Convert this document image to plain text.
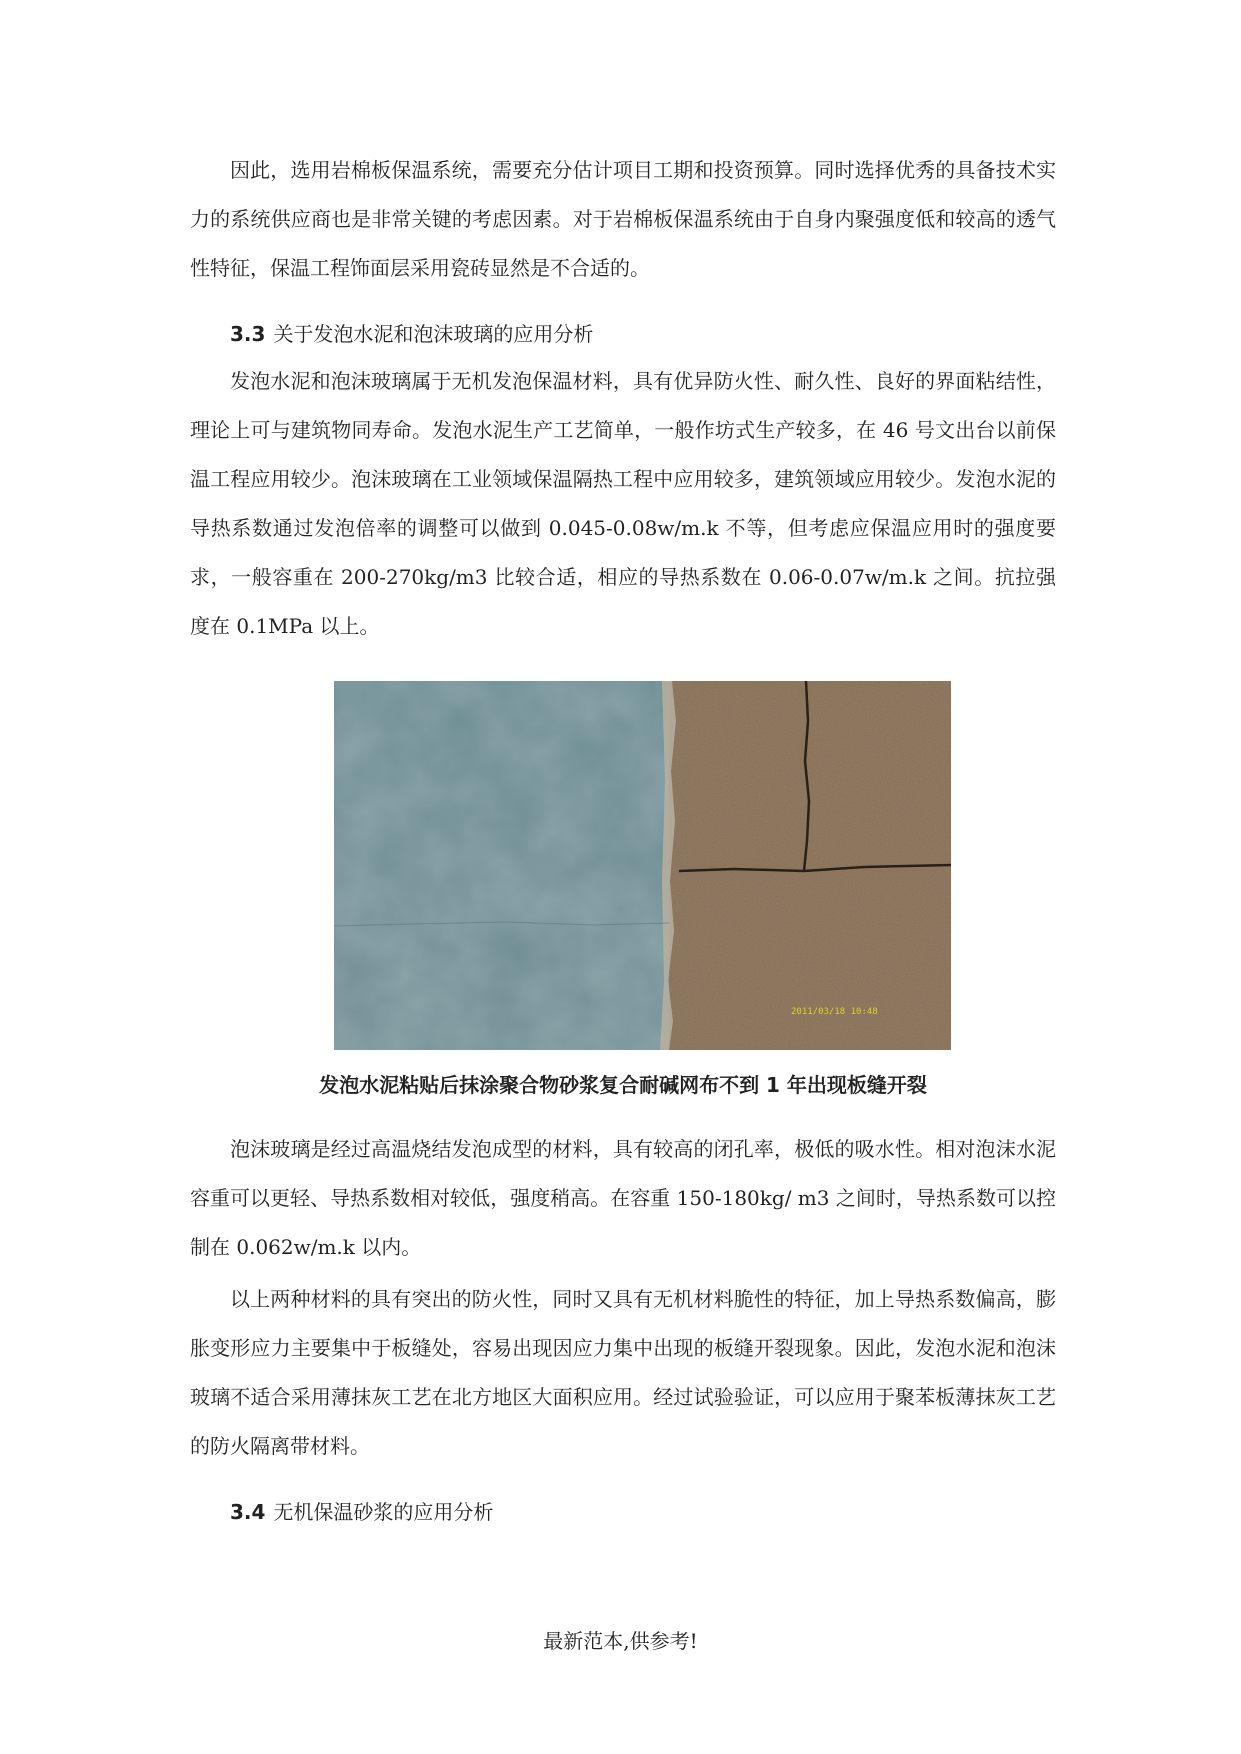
因此，选用岩棉板保温系统，需要充分估计项目工期和投资预算。同时选择优秀的具备技术实力的系统供应商也是非常关键的考虑因素。对于岩棉板保温系统由于自身内聚强度低和较高的透气性特征，保温工程饰面层采用瓷砖显然是不合适的。

3.3 关于发泡水泥和泡沫玻璃的应用分析

发泡水泥和泡沫玻璃属于无机发泡保温材料，具有优异防火性、耐久性、良好的界面粘结性，理论上可与建筑物同寿命。发泡水泥生产工艺简单，一般作坊式生产较多，在 46 号文出台以前保温工程应用较少。泡沫玻璃在工业领域保温隔热工程中应用较多，建筑领域应用较少。发泡水泥的导热系数通过发泡倍率的调整可以做到 0.045-0.08w/m.k 不等，但考虑应保温应用时的强度要求，一般容重在 200-270kg/m3 比较合适，相应的导热系数在 0.06-0.07w/m.k 之间。抗拉强度在 0.1MPa 以上。

2011/03/18 10:48

发泡水泥粘贴后抹涂聚合物砂浆复合耐碱网布不到 1 年出现板缝开裂

泡沫玻璃是经过高温烧结发泡成型的材料，具有较高的闭孔率，极低的吸水性。相对泡沫水泥容重可以更轻、导热系数相对较低，强度稍高。在容重 150-180kg/ m3 之间时，导热系数可以控制在 0.062w/m.k 以内。

以上两种材料的具有突出的防火性，同时又具有无机材料脆性的特征，加上导热系数偏高，膨胀变形应力主要集中于板缝处，容易出现因应力集中出现的板缝开裂现象。因此，发泡水泥和泡沫玻璃不适合采用薄抹灰工艺在北方地区大面积应用。经过试验验证，可以应用于聚苯板薄抹灰工艺的防火隔离带材料。

3.4 无机保温砂浆的应用分析

最新范本,供参考!
